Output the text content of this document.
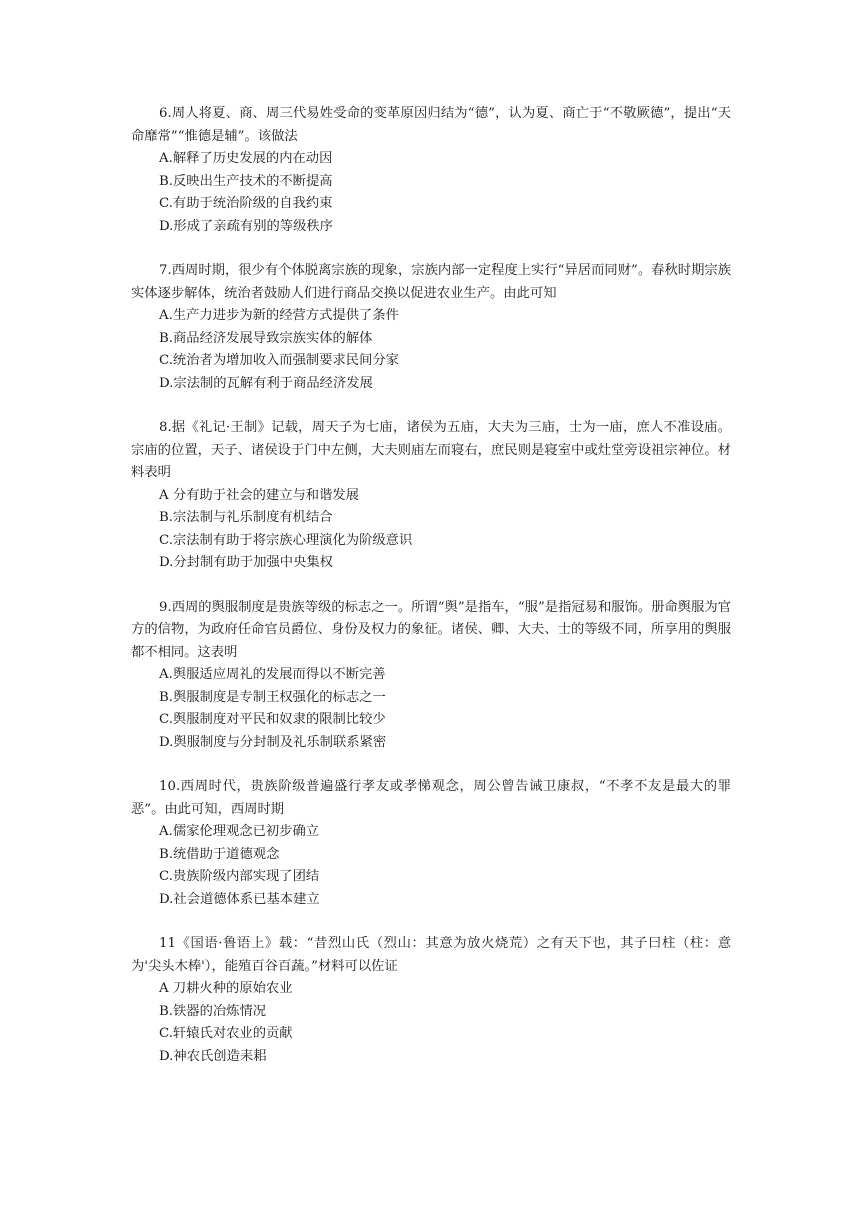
6.周人将夏、商、周三代易姓受命的变革原因归结为“德”，认为夏、商亡于“不敬厥德”，提出“天命靡常”“惟德是辅”。该做法

A.解释了历史发展的内在动因
B.反映出生产技术的不断提高
C.有助于统治阶级的自我约束
D.形成了亲疏有别的等级秩序

7.西周时期，很少有个体脱离宗族的现象，宗族内部一定程度上实行“异居而同财”。春秋时期宗族实体逐步解体，统治者鼓励人们进行商品交换以促进农业生产。由此可知

A.生产力进步为新的经营方式提供了条件
B.商品经济发展导致宗族实体的解体
C.统治者为增加收入而强制要求民间分家
D.宗法制的瓦解有利于商品经济发展

8.据《礼记·王制》记载，周天子为七庙，诸侯为五庙，大夫为三庙，士为一庙，庶人不准设庙。宗庙的位置，天子、诸侯设于门中左侧，大夫则庙左而寝右，庶民则是寝室中或灶堂旁设祖宗神位。材料表明

A 分有助于社会的建立与和谐发展
B.宗法制与礼乐制度有机结合
C.宗法制有助于将宗族心理演化为阶级意识
D.分封制有助于加强中央集权

9.西周的舆服制度是贵族等级的标志之一。所谓“舆”是指车，“服”是指冠易和服饰。册命舆服为官方的信物，为政府任命官员爵位、身份及权力的象征。诸侯、卿、大夫、士的等级不同，所享用的舆服都不相同。这表明

A.舆服适应周礼的发展而得以不断完善
B.舆服制度是专制王权强化的标志之一
C.舆服制度对平民和奴隶的限制比较少
D.舆服制度与分封制及礼乐制联系紧密

10.西周时代，贵族阶级普遍盛行孝友或孝悌观念，周公曾告诫卫康叔，“不孝不友是最大的罪恶”。由此可知，西周时期

A.儒家伦理观念已初步确立
B.统借助于道德观念
C.贵族阶级内部实现了团结
D.社会道德体系已基本建立

11《国语·鲁语上》载：“昔烈山氏（烈山：其意为放火烧荒）之有天下也，其子曰柱（柱：意为'尖头木棒'），能殖百谷百蔬。”材料可以佐证

A 刀耕火种的原始农业
B.铁器的冶炼情况
C.轩辕氏对农业的贡献
D.神农氏创造耒耜
